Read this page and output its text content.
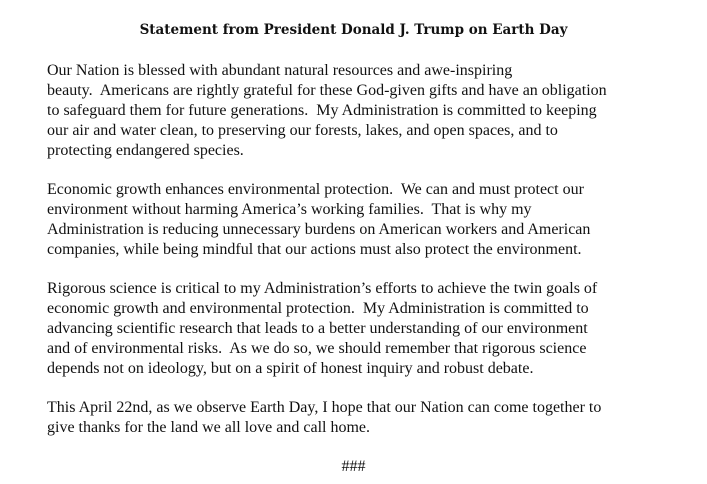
Statement from President Donald J. Trump on Earth Day
Our Nation is blessed with abundant natural resources and awe-inspiring
beauty.  Americans are rightly grateful for these God-given gifts and have an obligation
to safeguard them for future generations.  My Administration is committed to keeping
our air and water clean, to preserving our forests, lakes, and open spaces, and to
protecting endangered species.
Economic growth enhances environmental protection.  We can and must protect our
environment without harming America’s working families.  That is why my
Administration is reducing unnecessary burdens on American workers and American
companies, while being mindful that our actions must also protect the environment.
Rigorous science is critical to my Administration’s efforts to achieve the twin goals of
economic growth and environmental protection.  My Administration is committed to
advancing scientific research that leads to a better understanding of our environment
and of environmental risks.  As we do so, we should remember that rigorous science
depends not on ideology, but on a spirit of honest inquiry and robust debate.
This April 22nd, as we observe Earth Day, I hope that our Nation can come together to
give thanks for the land we all love and call home.
###
